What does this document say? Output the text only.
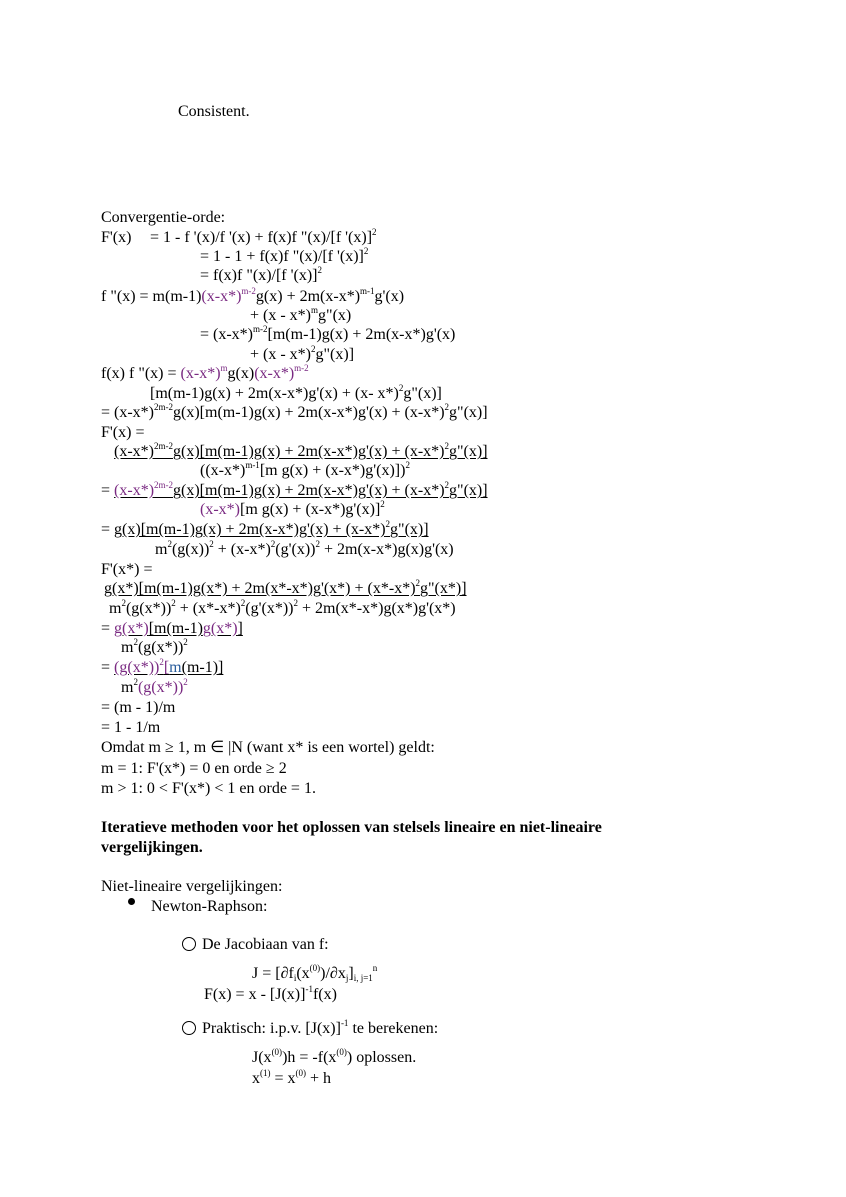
Consistent.
Convergentie-orde:
F'(x) = 1 - f '(x)/f '(x) + f(x)f "(x)/[f '(x)]$^2$
= 1 - 1 + f(x)f "(x)/[f '(x)]$^2$
= f(x)f "(x)/[f '(x)]$^2$
f "$(x) = m(m-1)(x-x*)^{m-2}g(x) + 2m(x-x*)^{m-1}g'(x)$
+ (x - x*)$^m$g"(x)
= $(x-x*)^{m-2}[m(m-1)g(x) + 2m(x-x*)g'(x)$
+ (x - x*)$^2$g"(x)]
f(x) f "$(x) = (x-x*)^mg(x)(x-x*)^{m-2}$
[m(m-1)g(x) + 2m(x-x*)g'(x) + (x- x*)$^2$g"(x)]
= $(x-x*)^{2m-2}g(x)[m(m-1)g(x) + 2m(x-x*)g'(x)$ + $(x-x*)^2g"(x)$]
F'(x) =
$(x-x*)^{2m-2}g(x)[m(m-1)g(x) + 2m(x-x*)g'(x)$ + $(x-x*)^2g"(x)$]
($(x-x*)^{m-1}[m$ g(x) + (x-x*)g'(x)])$^2$
= $(x-x*)^{2m-2}g(x)[m(m-1)g(x) + 2m(x-x*)g'(x)$ + $(x-x*)^2g"(x)$]
(x-x*)[m g(x) + (x-x*)g'(x)]$^2$
= $g(x)[m(m-1)g(x) + 2m(x-x*)g'(x) + (x-x*)^2g"(x)]$
$m^2(g(x))^2 + (x-x*)^2(g'(x))^2 + 2m(x-x*)g(x)g'(x)$
F'(x*) =
$g(x*)[m(m-1)g(x*) + 2m(x*-x*)g'(x*) + (x*-x*)^2g"(x*)]$
$m^2(g(x*))^2 + (x*-x*)^2(g'(x*))^2 + 2m(x*-x*)g(x*)g'(x*)$
= g(x*)[m(m-1)g(x*)]
$m^2(g(x*))^2$
= $(g(x*))^2[m(m-1)]$
$m^2(g(x*))^2$
= (m - 1)/m
= 1 - 1/m
Omdat m ≥ 1, m ∈ |N (want x* is een wortel) geldt:
m = 1: F'(x*) = 0 en orde ≥ 2
m > 1: 0 < F'(x*) < 1 en orde = 1.
Iteratieve methoden voor het oplossen van stelsels lineaire en niet-lineaire
vergelijkingen.
Niet-lineaire vergelijkingen:
Newton-Raphson:
De Jacobiaan van f:
$J = [\partial f_i(x^{(0)})/\partial x_j]_{i, j=1}^n$
$F(x) = x - [J(x)]^{-1}f(x)$
Praktisch: i.p.v. $[J(x)]^{-1}$ te berekenen:
$J(x^{(0)})h = -f(x^{(0)})$ oplossen.
$x^{(1)} = x^{(0)} + h$
